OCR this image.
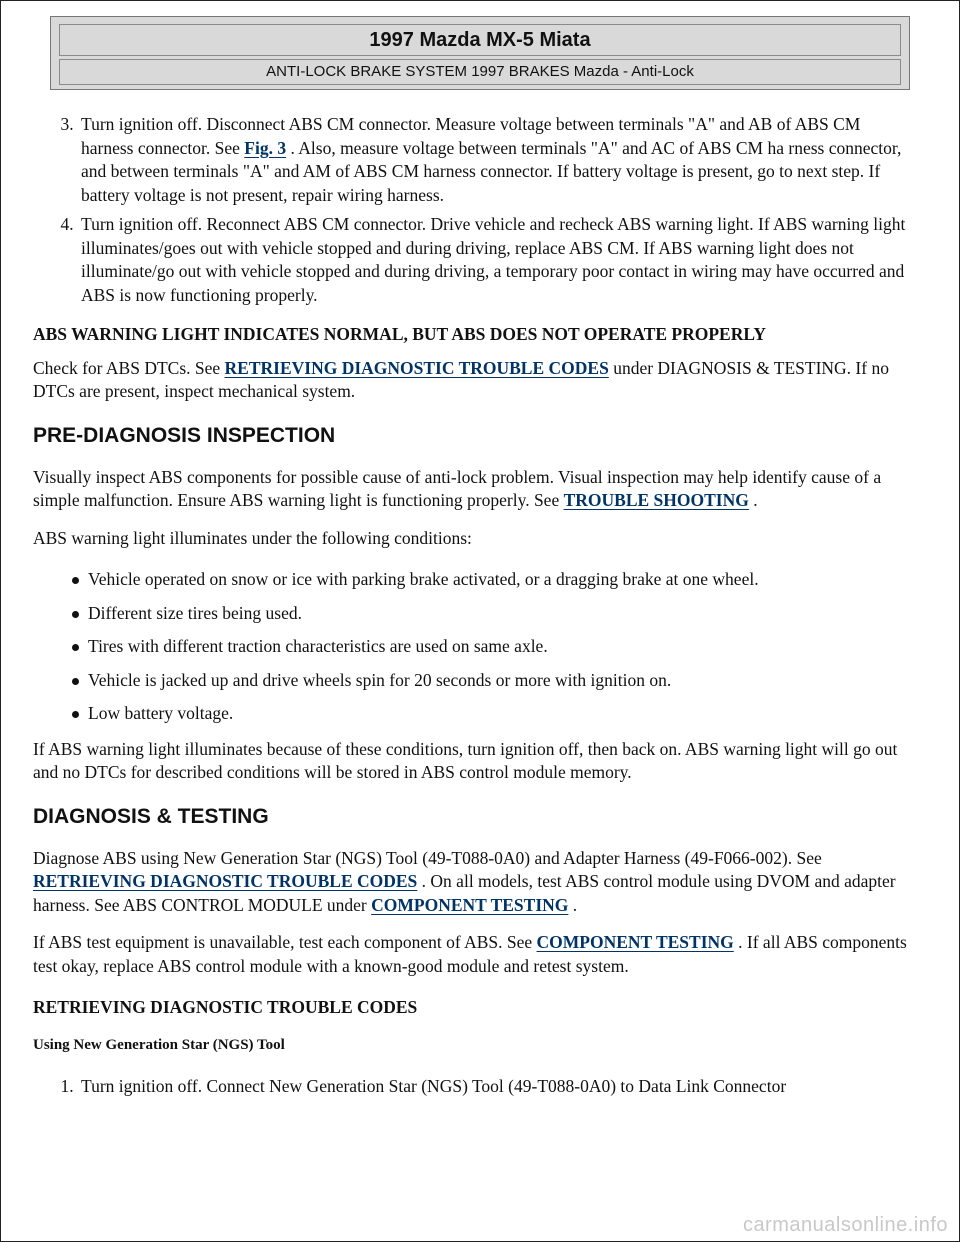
1997 Mazda MX-5 Miata
ANTI-LOCK BRAKE SYSTEM 1997 BRAKES Mazda - Anti-Lock
3. Turn ignition off. Disconnect ABS CM connector. Measure voltage between terminals "A" and AB of ABS CM harness connector. See Fig. 3 . Also, measure voltage between terminals "A" and AC of ABS CM ha rness connector, and between terminals "A" and AM of ABS CM harness connector. If battery voltage is present, go to next step. If battery voltage is not present, repair wiring harness.
4. Turn ignition off. Reconnect ABS CM connector. Drive vehicle and recheck ABS warning light. If ABS warning light illuminates/goes out with vehicle stopped and during driving, replace ABS CM. If ABS warning light does not illuminate/go out with vehicle stopped and during driving, a temporary poor contact in wiring may have occurred and ABS is now functioning properly.

ABS WARNING LIGHT INDICATES NORMAL, BUT ABS DOES NOT OPERATE PROPERLY

Check for ABS DTCs. See RETRIEVING DIAGNOSTIC TROUBLE CODES under DIAGNOSIS & TESTING. If no DTCs are present, inspect mechanical system.

PRE-DIAGNOSIS INSPECTION

Visually inspect ABS components for possible cause of anti-lock problem. Visual inspection may help identify cause of a simple malfunction. Ensure ABS warning light is functioning properly. See TROUBLE SHOOTING .

ABS warning light illuminates under the following conditions:

Vehicle operated on snow or ice with parking brake activated, or a dragging brake at one wheel.
Different size tires being used.
Tires with different traction characteristics are used on same axle.
Vehicle is jacked up and drive wheels spin for 20 seconds or more with ignition on.
Low battery voltage.

If ABS warning light illuminates because of these conditions, turn ignition off, then back on. ABS warning light will go out and no DTCs for described conditions will be stored in ABS control module memory.

DIAGNOSIS & TESTING

Diagnose ABS using New Generation Star (NGS) Tool (49-T088-0A0) and Adapter Harness (49-F066-002). See RETRIEVING DIAGNOSTIC TROUBLE CODES . On all models, test ABS control module using DVOM and adapter harness. See ABS CONTROL MODULE under COMPONENT TESTING .

If ABS test equipment is unavailable, test each component of ABS. See COMPONENT TESTING . If all ABS components test okay, replace ABS control module with a known-good module and retest system.

RETRIEVING DIAGNOSTIC TROUBLE CODES

Using New Generation Star (NGS) Tool

1. Turn ignition off. Connect New Generation Star (NGS) Tool (49-T088-0A0) to Data Link Connector
carmanualsonline.info
